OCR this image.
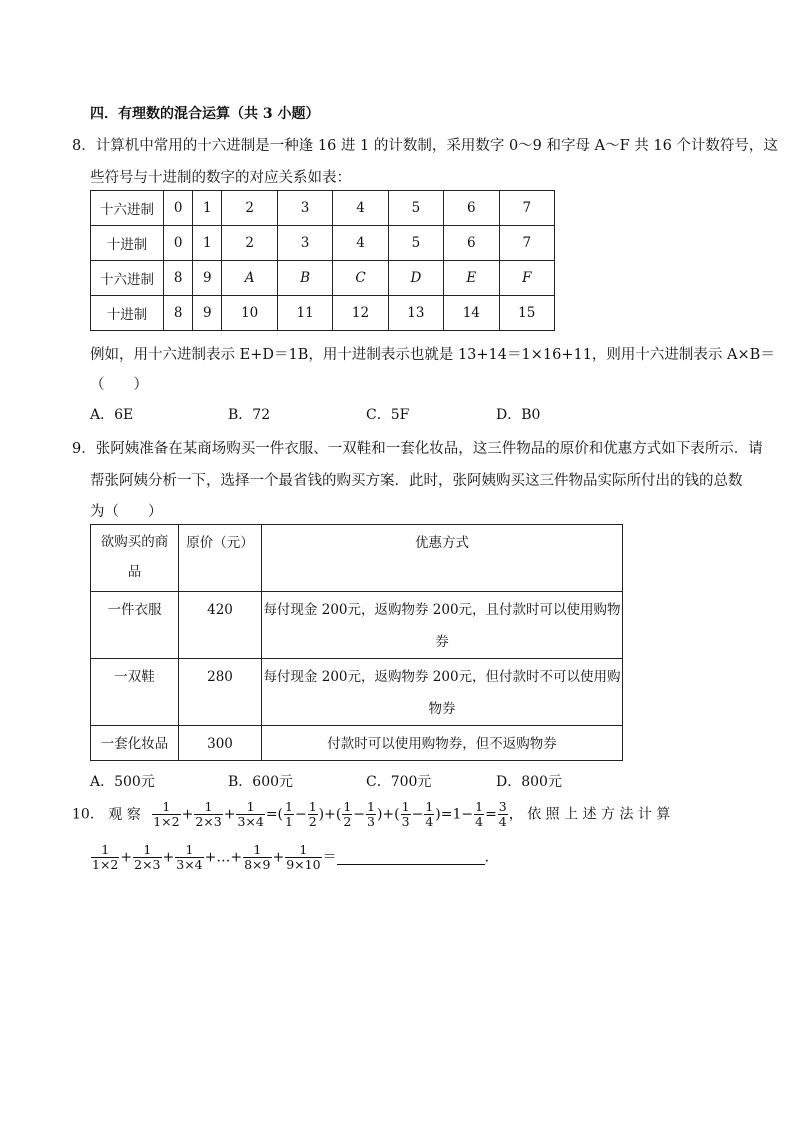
四．有理数的混合运算（共 3 小题）
8．计算机中常用的十六进制是一种逢 16 进 1 的计数制，采用数字 0～9 和字母 A～F 共 16 个计数符号，这
些符号与十进制的数字的对应关系如表：
十六进制	0	1	2	3	4	5	6	7
十进制	0	1	2	3	4	5	6	7
十六进制	8	9	A	B	C	D	E	F
十进制	8	9	10	11	12	13	14	15
例如，用十六进制表示 E+D＝1B，用十进制表示也就是 13+14＝1×16+11，则用十六进制表示 A×B＝
（　　）
A．6E	B．72	C．5F	D．B0
9．张阿姨准备在某商场购买一件衣服、一双鞋和一套化妆品，这三件物品的原价和优惠方式如下表所示．请
帮张阿姨分析一下，选择一个最省钱的购买方案．此时，张阿姨购买这三件物品实际所付出的钱的总数
为（　　）
欲购买的商品	原价（元）	优惠方式
一件衣服	420	每付现金 200元，返购物券 200元，且付款时可以使用购物券

一双鞋	280	每付现金 200元，返购物券 200元，但付款时不可以使用购物券

一套化妆品	300	付款时可以使用购物券，但不返购物券
A．500元	B．600元	C．700元	D．800元
10． 观 察 $\frac{1}{1\times 2} + \frac{1}{2\times 3} + \frac{1}{3\times 4}$ =( $\frac{1}{1} - \frac{1}{2}$ )+( $\frac{1}{2} - \frac{1}{3}$ )+( $\frac{1}{3} - \frac{1}{4} )=1- \frac{1}{4} = \frac{3}{4}$ ， 依 照 上 述 方 法 计 算
$\frac{1}{1\times 2} + \frac{1}{2\times 3} + \frac{1}{3\times 4}$ +…+ $\frac{1}{8\times 9} + \frac{1}{9\times 10}$ ＝	．
